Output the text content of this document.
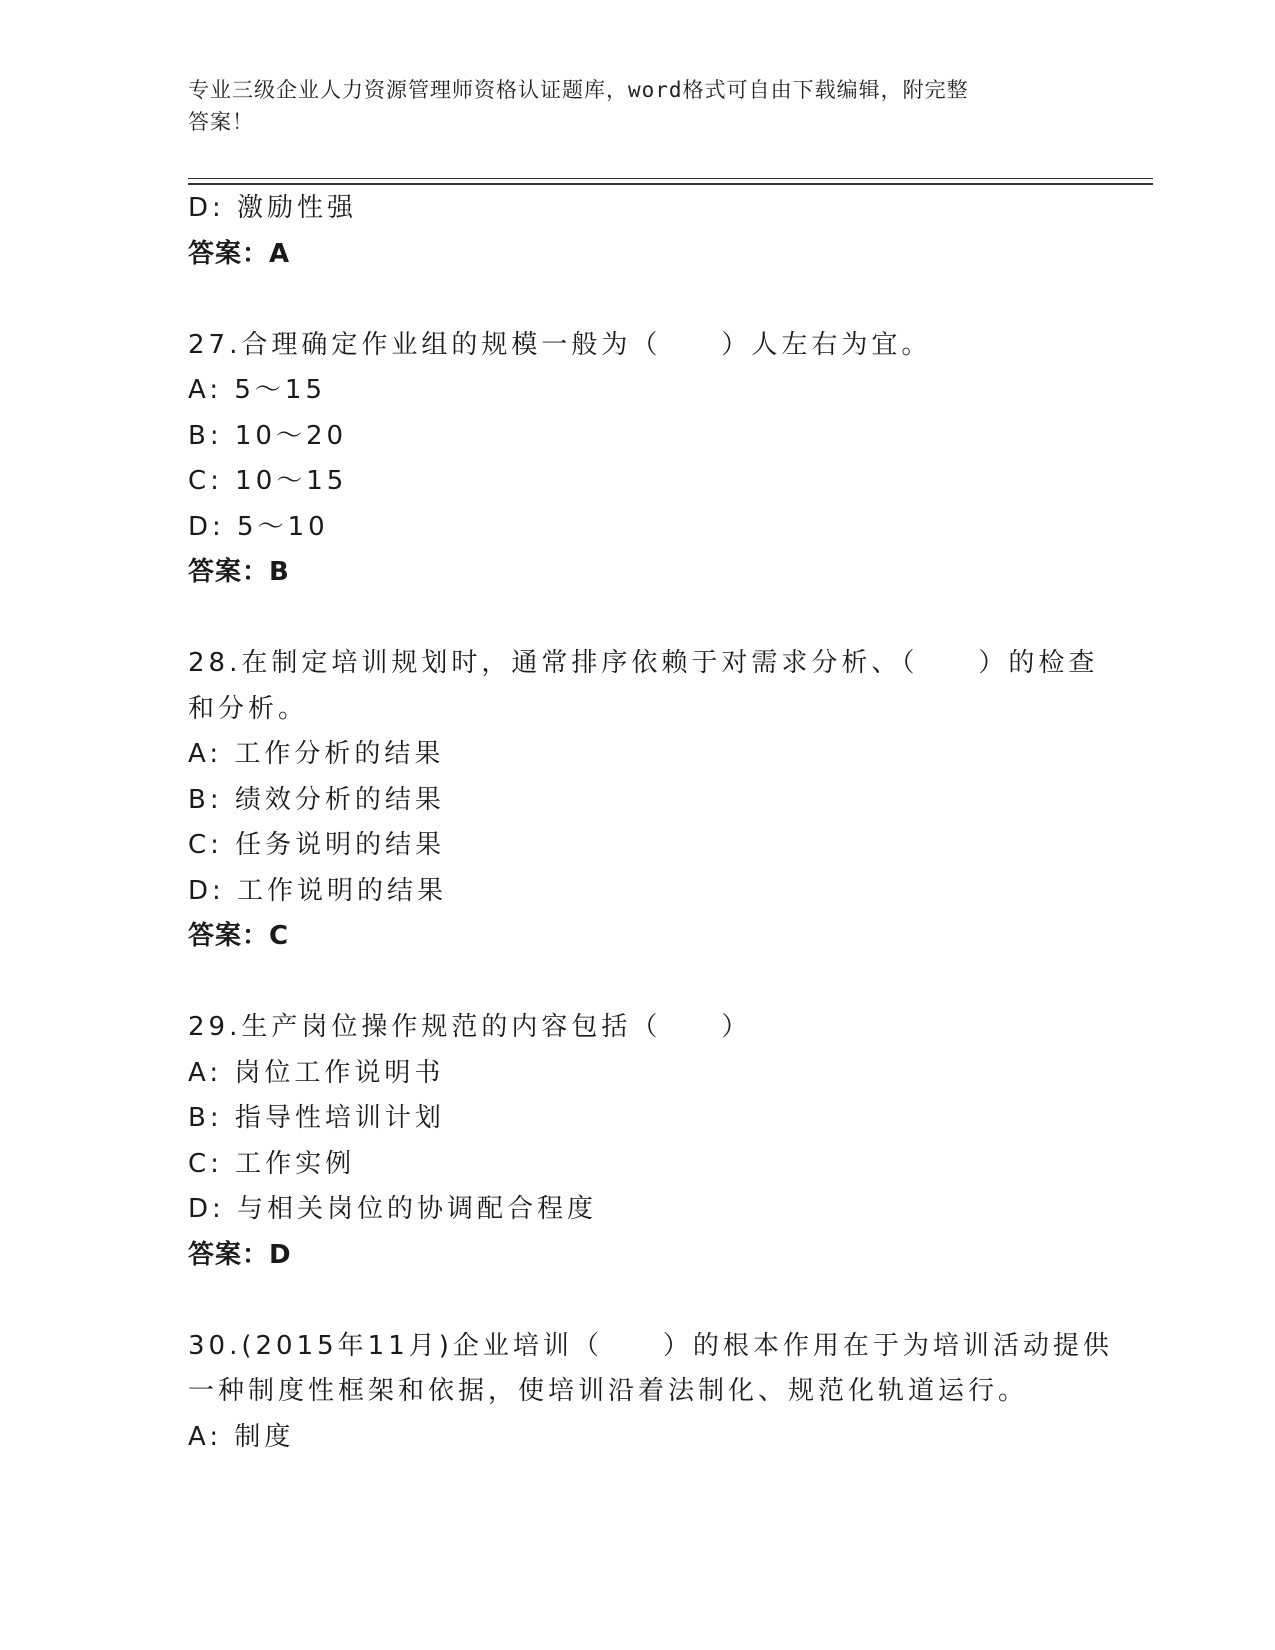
专业三级企业人力资源管理师资格认证题库，word格式可自由下载编辑，附完整
答案！
D: 激励性强
答案：A
27.合理确定作业组的规模一般为（　　）人左右为宜。
A: 5～15
B: 10～20
C: 10～15
D: 5～10
答案：B
28.在制定培训规划时，通常排序依赖于对需求分析、（　　）的检查
和分析。
A: 工作分析的结果
B: 绩效分析的结果
C: 任务说明的结果
D: 工作说明的结果
答案：C
29.生产岗位操作规范的内容包括（　　）
A: 岗位工作说明书
B: 指导性培训计划
C: 工作实例
D: 与相关岗位的协调配合程度
答案：D
30.(2015年11月)企业培训（　　）的根本作用在于为培训活动提供
一种制度性框架和依据，使培训沿着法制化、规范化轨道运行。
A: 制度
